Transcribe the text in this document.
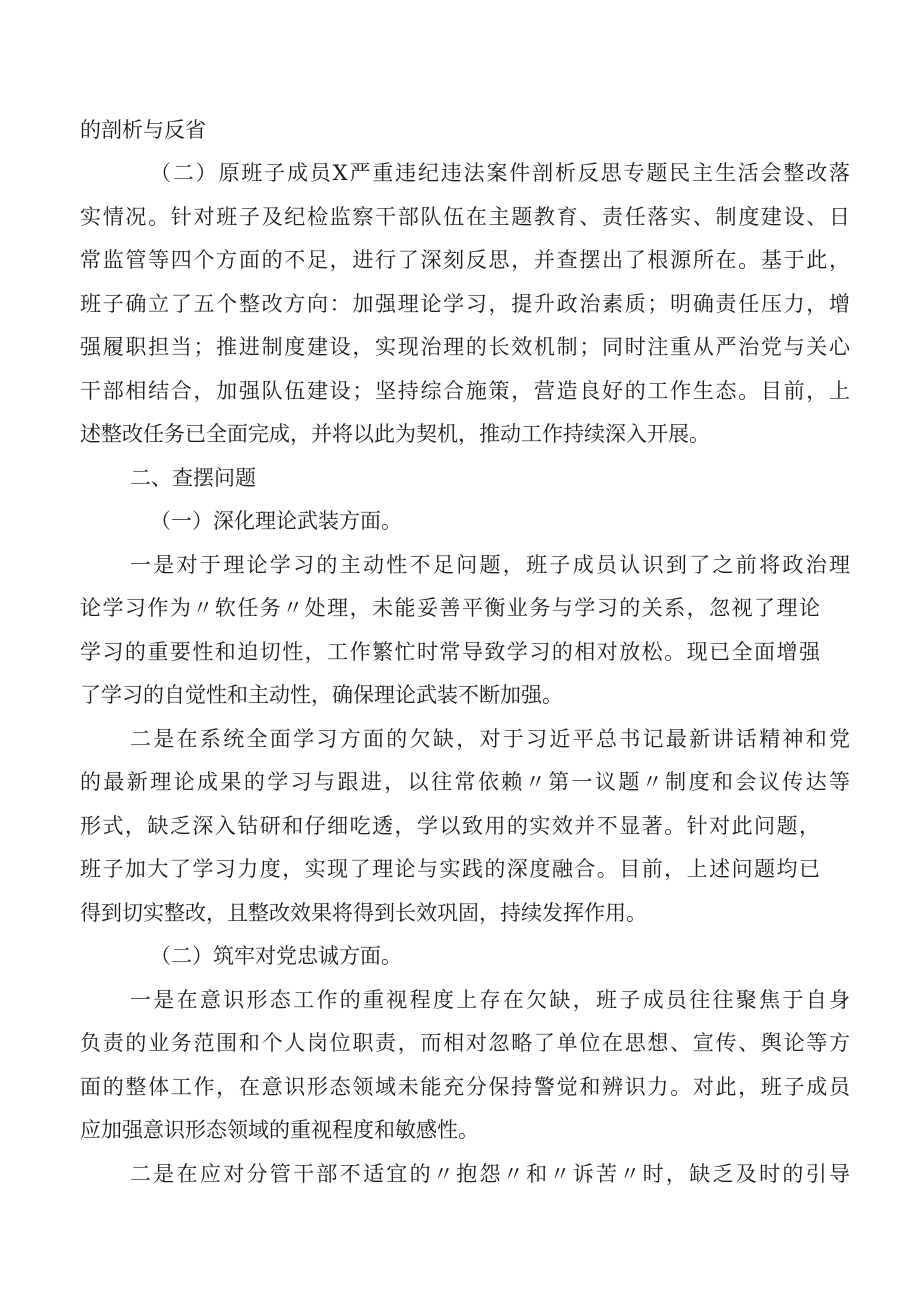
的剖析与反省
（二）原班子成员X严重违纪违法案件剖析反思专题民主生活会整改落
实情况。针对班子及纪检监察干部队伍在主题教育、责任落实、制度建设、日
常监管等四个方面的不足，进行了深刻反思，并查摆出了根源所在。基于此，
班子确立了五个整改方向：加强理论学习，提升政治素质；明确责任压力，增
强履职担当；推进制度建设，实现治理的长效机制；同时注重从严治党与关心
干部相结合，加强队伍建设；坚持综合施策，营造良好的工作生态。目前，上
述整改任务已全面完成，并将以此为契机，推动工作持续深入开展。
二、查摆问题
（一）深化理论武装方面。
一是对于理论学习的主动性不足问题，班子成员认识到了之前将政治理
论学习作为〃软任务〃处理，未能妥善平衡业务与学习的关系，忽视了理论
学习的重要性和迫切性，工作繁忙时常导致学习的相对放松。现已全面增强
了学习的自觉性和主动性，确保理论武装不断加强。
二是在系统全面学习方面的欠缺，对于习近平总书记最新讲话精神和党
的最新理论成果的学习与跟进，以往常依赖〃第一议题〃制度和会议传达等
形式，缺乏深入钻研和仔细吃透，学以致用的实效并不显著。针对此问题，
班子加大了学习力度，实现了理论与实践的深度融合。目前，上述问题均已
得到切实整改，且整改效果将得到长效巩固，持续发挥作用。
（二）筑牢对党忠诚方面。
一是在意识形态工作的重视程度上存在欠缺，班子成员往往聚焦于自身
负责的业务范围和个人岗位职责，而相对忽略了单位在思想、宣传、舆论等方
面的整体工作，在意识形态领域未能充分保持警觉和辨识力。对此，班子成员
应加强意识形态领域的重视程度和敏感性。
二是在应对分管干部不适宜的〃抱怨〃和〃诉苦〃时，缺乏及时的引导
